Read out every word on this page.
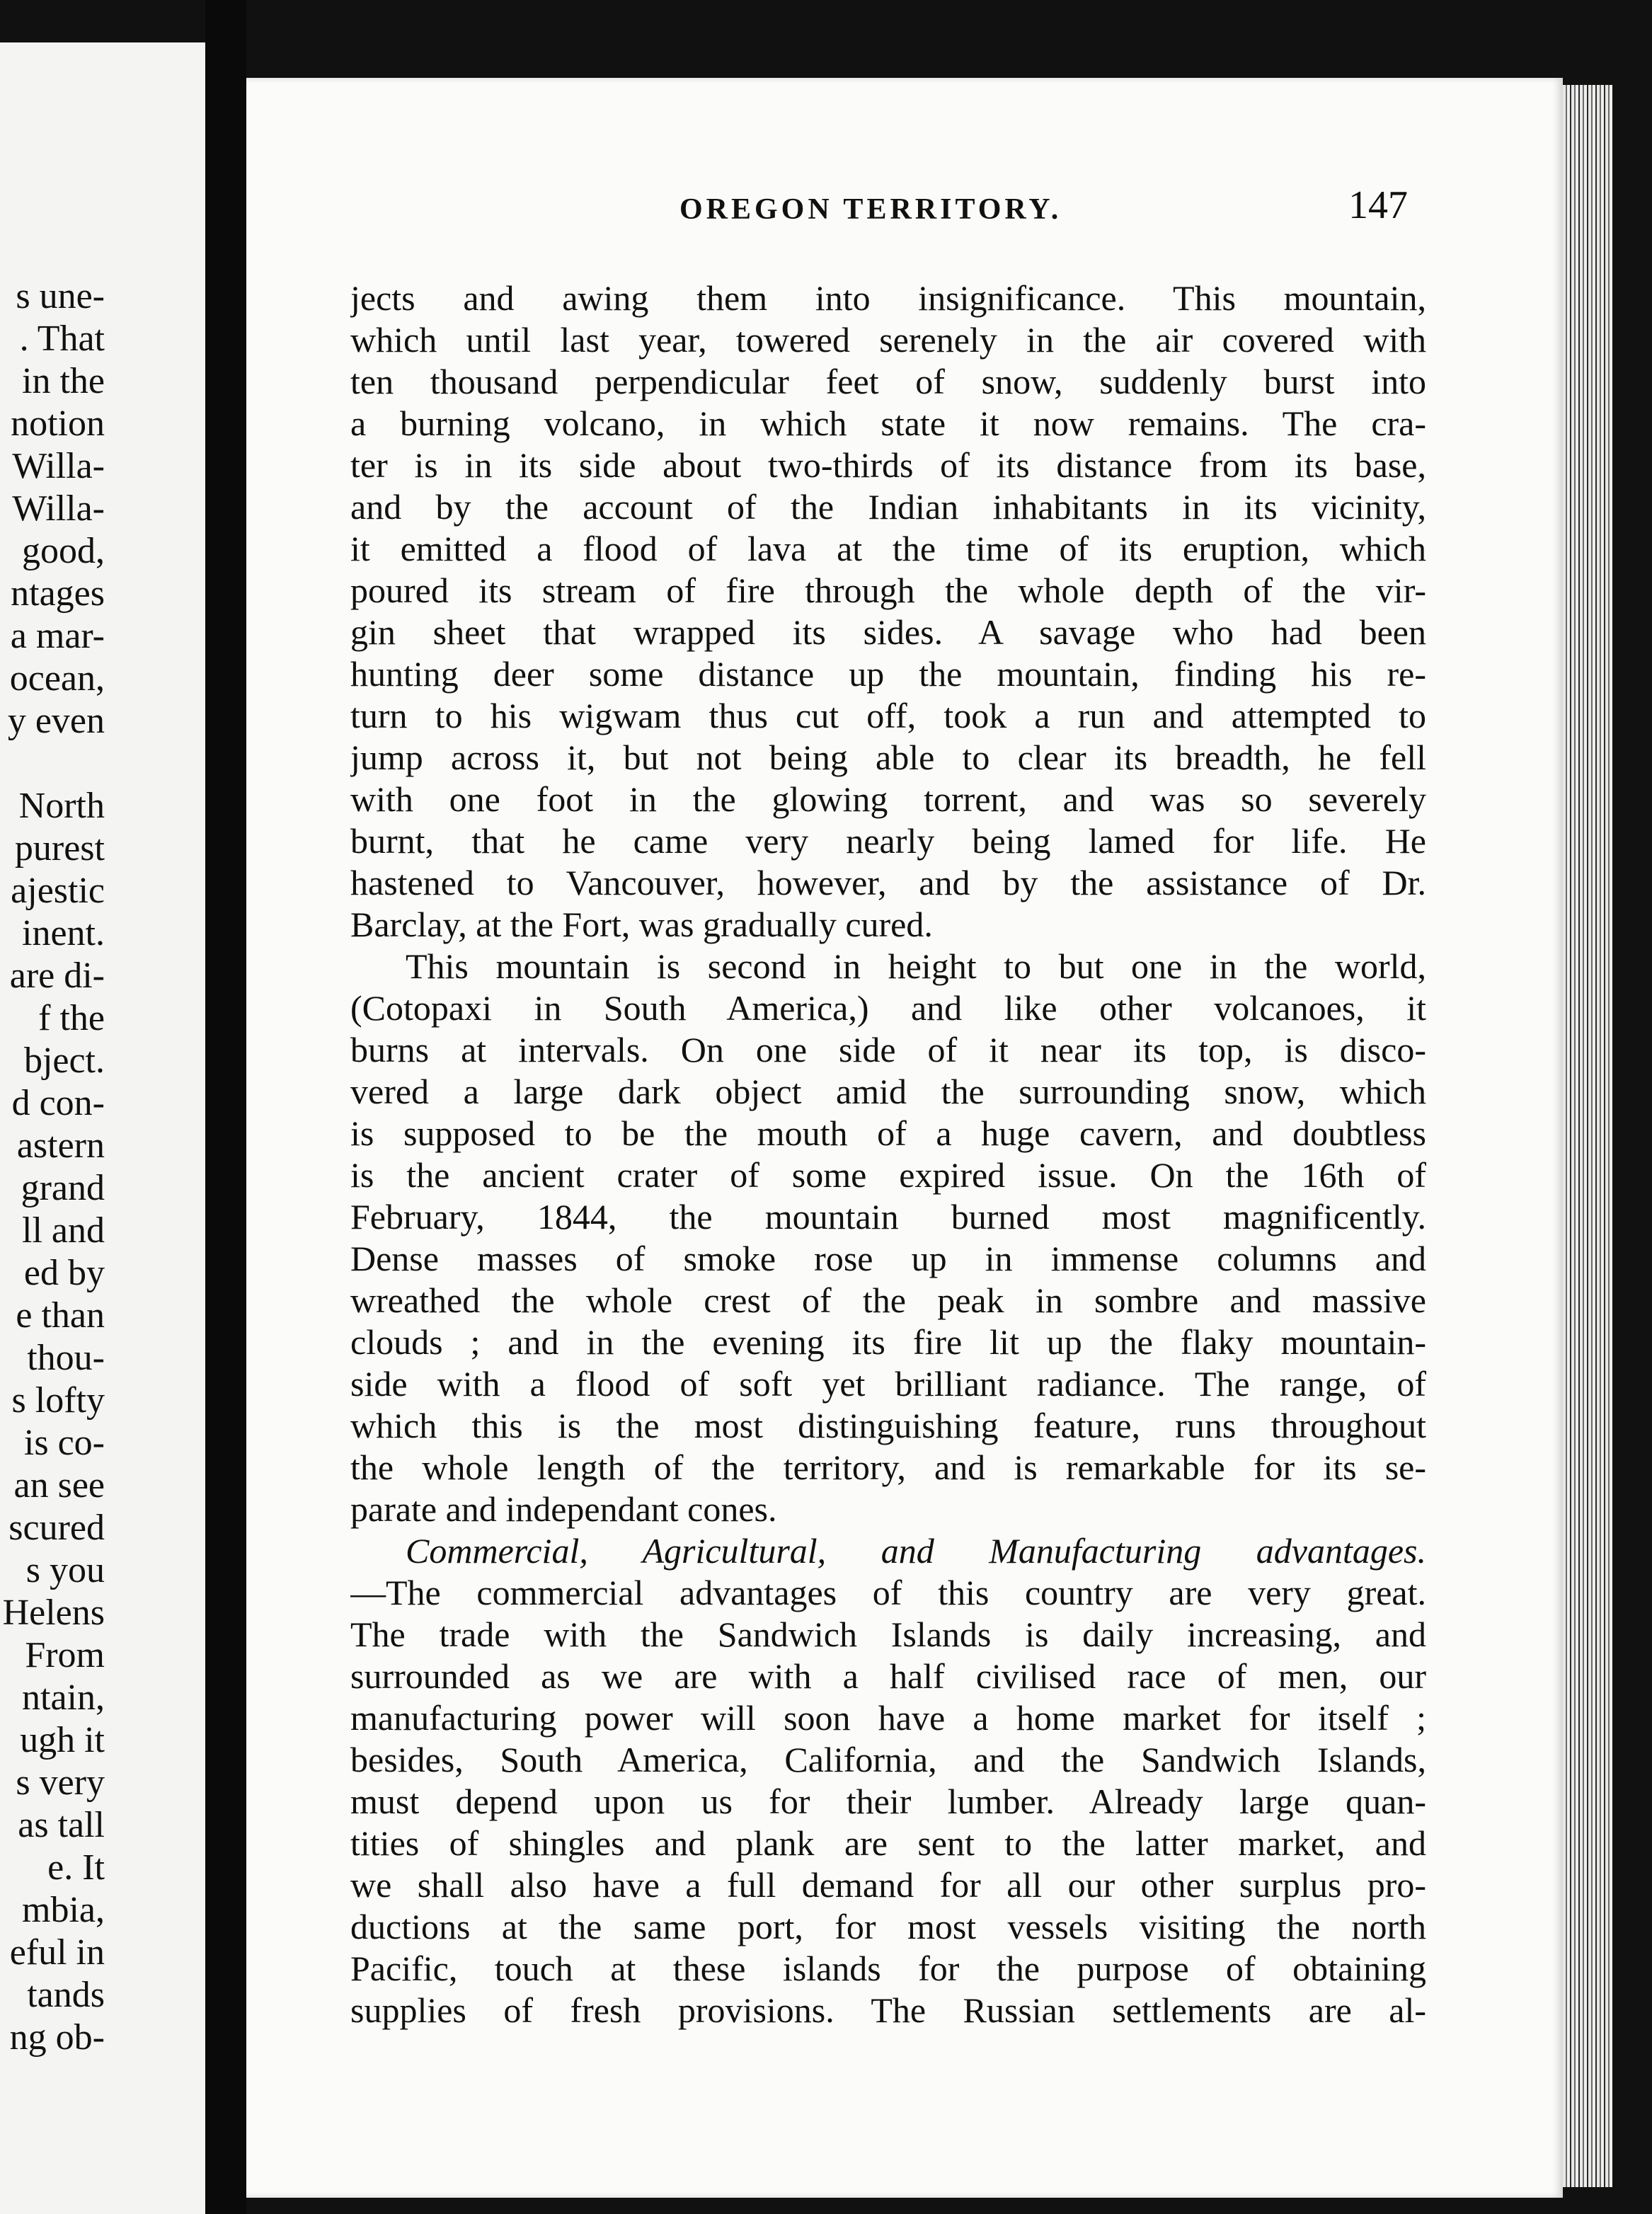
s une-
. That
in the
notion
Willa-
Willa-
good,
ntages
a mar-
ocean,
y even
North
purest
ajestic
inent.
are di-
f the
bject.
d con-
astern
grand
ll and
ed by
e than
thou-
s lofty
is co-
an see
scured
s you
Helens
From
ntain,
ugh it
s very
as tall
e. It
mbia,
eful in
tands
ng ob-
OREGON TERRITORY.	147
jects and awing them into insignificance. This mountain,
which until last year, towered serenely in the air covered with
ten thousand perpendicular feet of snow, suddenly burst into
a burning volcano, in which state it now remains. The cra-
ter is in its side about two-thirds of its distance from its base,
and by the account of the Indian inhabitants in its vicinity,
it emitted a flood of lava at the time of its eruption, which
poured its stream of fire through the whole depth of the vir-
gin sheet that wrapped its sides. A savage who had been
hunting deer some distance up the mountain, finding his re-
turn to his wigwam thus cut off, took a run and attempted to
jump across it, but not being able to clear its breadth, he fell
with one foot in the glowing torrent, and was so severely
burnt, that he came very nearly being lamed for life. He
hastened to Vancouver, however, and by the assistance of Dr.
Barclay, at the Fort, was gradually cured.
This mountain is second in height to but one in the world,
(Cotopaxi in South America,) and like other volcanoes, it
burns at intervals. On one side of it near its top, is disco-
vered a large dark object amid the surrounding snow, which
is supposed to be the mouth of a huge cavern, and doubtless
is the ancient crater of some expired issue. On the 16th of
February, 1844, the mountain burned most magnificently.
Dense masses of smoke rose up in immense columns and
wreathed the whole crest of the peak in sombre and massive
clouds ; and in the evening its fire lit up the flaky mountain-
side with a flood of soft yet brilliant radiance. The range, of
which this is the most distinguishing feature, runs throughout
the whole length of the territory, and is remarkable for its se-
parate and independant cones.
Commercial, Agricultural, and Manufacturing advantages.
—The commercial advantages of this country are very great.
The trade with the Sandwich Islands is daily increasing, and
surrounded as we are with a half civilised race of men, our
manufacturing power will soon have a home market for itself ;
besides, South America, California, and the Sandwich Islands,
must depend upon us for their lumber. Already large quan-
tities of shingles and plank are sent to the latter market, and
we shall also have a full demand for all our other surplus pro-
ductions at the same port, for most vessels visiting the north
Pacific, touch at these islands for the purpose of obtaining
supplies of fresh provisions. The Russian settlements are al-
